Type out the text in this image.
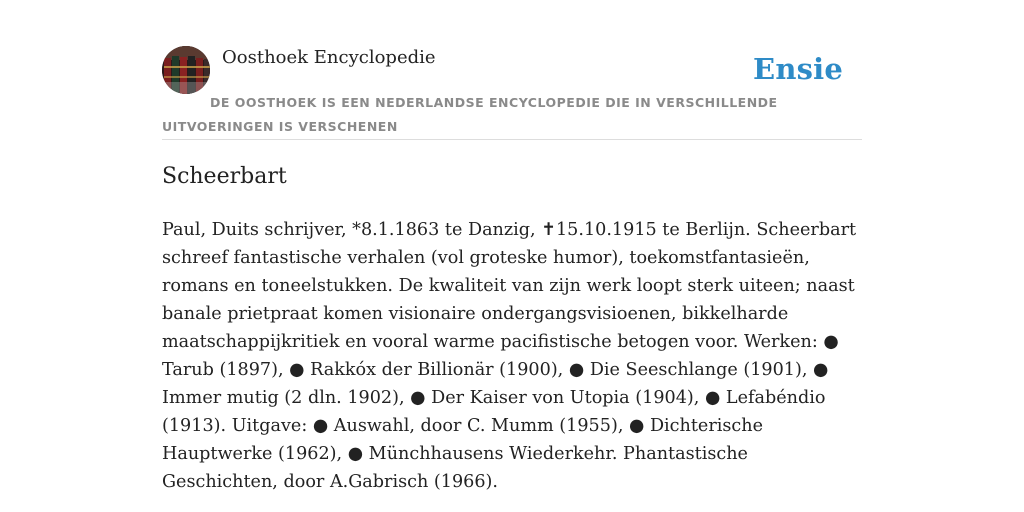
Oosthoek Encyclopedie	Ensie
DE OOSTHOEK IS EEN NEDERLANDSE ENCYCLOPEDIE DIE IN VERSCHILLENDE UITVOERINGEN IS VERSCHENEN
Scheerbart

Paul, Duits schrijver, *8.1.1863 te Danzig, ✝15.10.1915 te Berlijn. Scheerbart schreef fantastische verhalen (vol groteske humor), toekomstfantasieën, romans en toneelstukken. De kwaliteit van zijn werk loopt sterk uiteen; naast banale prietpraat komen visionaire ondergangsvisioenen, bikkelharde maatschappijkritiek en vooral warme pacifistische betogen voor. Werken: ● Tarub (1897), ● Rakkóx der Billionär (1900), ● Die Seeschlange (1901), ● Immer mutig (2 dln. 1902), ● Der Kaiser von Utopia (1904), ● Lefabéndio (1913). Uitgave: ● Auswahl, door C. Mumm (1955), ● Dichterische Hauptwerke (1962), ● Münchhausens Wiederkehr. Phantastische Geschichten, door A.Gabrisch (1966).
